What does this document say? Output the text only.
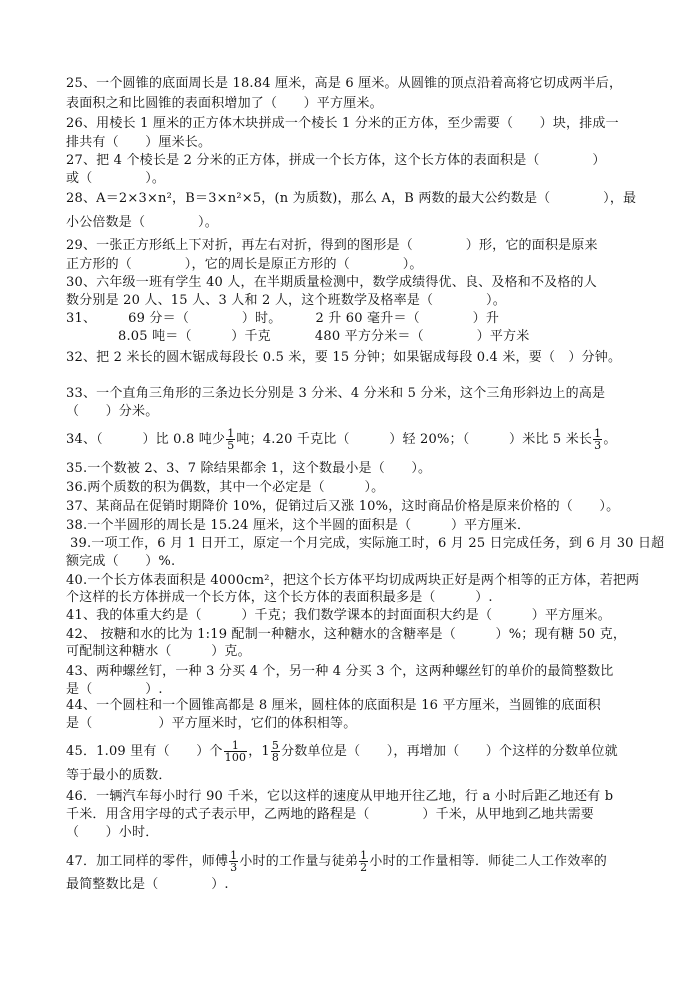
25、一个圆锥的底面周长是 18.84 厘米，高是 6 厘米。从圆锥的顶点沿着高将它切成两半后，
表面积之和比圆锥的表面积增加了（　　）平方厘米。
26、用棱长 1 厘米的正方体木块拼成一个棱长 1 分米的正方体，至少需要（　　）块，排成一
排共有（　　）厘米长。
27、把 4 个棱长是 2 分米的正方体，拼成一个长方体，这个长方体的表面积是（　　　　）
或（　　　　）。
28、A＝2×3×n²，B＝3×n²×5，(n 为质数)，那么 A，B 两数的最大公约数是（　　　　），最
小公倍数是（　　　　）。
29、一张正方形纸上下对折，再左右对折，得到的图形是（　　　　）形，它的面积是原来
正方形的（　　　　），它的周长是原正方形的（　　　　）。
30、六年级一班有学生 40 人，在半期质量检测中，数学成绩得优、良、及格和不及格的人
数分别是 20 人、15 人、3 人和 2 人，这个班数学及格率是（　　　　）。
31、 69 分＝（　　　　）时。	2 升 60 毫升＝（　　　　）升
8.05 吨＝（　　　）千克	480 平方分米＝（　　　　）平方米
32、把 2 米长的圆木锯成每段长 0.5 米，要 15 分钟；如果锯成每段 0.4 米，要（　）分钟。
33、一个直角三角形的三条边长分别是 3 分米、4 分米和 5 分米，这个三角形斜边上的高是
（　　）分米。
34、（　　　）比 0.8 吨少 $\frac{1}{5}$ 吨；4.20 千克比（　　　）轻 20%；（　　　）米比 5 米长 $\frac{1}{3}$ 。
35.一个数被 2、3、7 除结果都余 1，这个数最小是（　　）。
36.两个质数的积为偶数，其中一个必定是（　　　）。
37、某商品在促销时期降价 10%，促销过后又涨 10%，这时商品价格是原来价格的（　　）。
38.一个半圆形的周长是 15.24 厘米，这个半圆的面积是（　　　）平方厘米．
39.一项工作，6 月 1 日开工，原定一个月完成，实际施工时，6 月 25 日完成任务，到 6 月 30 日超
额完成（　　）%.
40.一个长方体表面积是 4000cm²，把这个长方体平均切成两块正好是两个相等的正方体，若把两
个这样的长方体拼成一个长方体，这个长方体的表面积最多是（　　　）.
41、我的体重大约是（　　　）千克；我们数学课本的封面面积大约是（　　　）平方厘米。
42、 按糖和水的比为 1:19 配制一种糖水，这种糖水的含糖率是（　　　）%；现有糖 50 克，
可配制这种糖水（　　　）克。
43、两种螺丝钉，一种 3 分买 4 个，另一种 4 分买 3 个，这两种螺丝钉的单价的最简整数比
是（　　　　）.
44、一个圆柱和一个圆锥高都是 8 厘米，圆柱体的底面积是 16 平方厘米，当圆锥的底面积
是（　　　　　）平方厘米时，它们的体积相等。
45．1.09 里有（　　）个 $\frac{1}{100}$ ，$1 \frac{5}{8}$ 分数单位是（　　），再增加（　　）个这样的分数单位就
等于最小的质数．
46．一辆汽车每小时行 90 千米，它以这样的速度从甲地开往乙地，行 a 小时后距乙地还有 b
千米．用含用字母的式子表示甲，乙两地的路程是（　　　　）千米，从甲地到乙地共需要
（　　）小时．
47．加工同样的零件，师傅 $\frac{1}{3}$ 小时的工作量与徒弟 $\frac{1}{2}$ 小时的工作量相等．师徒二人工作效率的
最简整数比是（　　　　）.
